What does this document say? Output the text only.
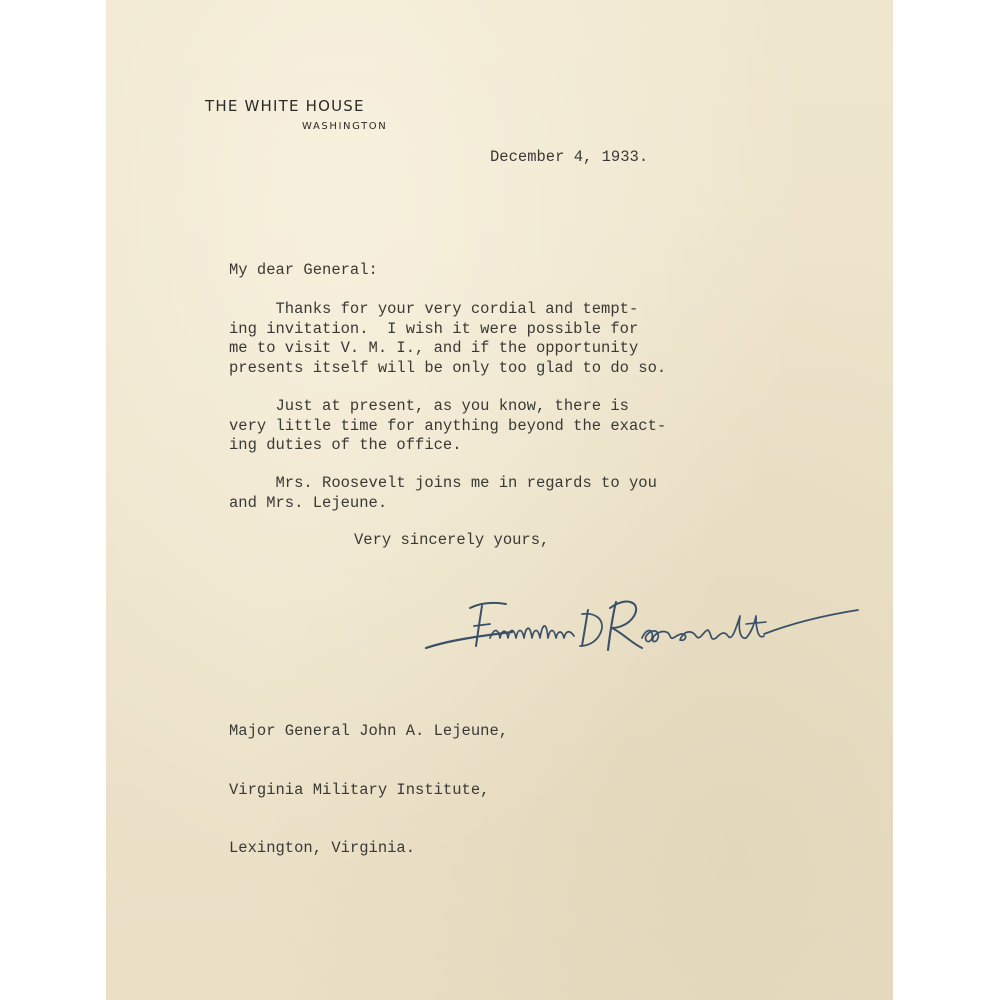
THE WHITE HOUSE
WASHINGTON
December 4, 1933.
My dear General:
Thanks for your very cordial and tempt-
ing invitation.  I wish it were possible for
me to visit V. M. I., and if the opportunity
presents itself will be only too glad to do so.
Just at present, as you know, there is
very little time for anything beyond the exact-
ing duties of the office.
Mrs. Roosevelt joins me in regards to you
and Mrs. Lejeune.
Very sincerely yours,

Major General John A. Lejeune,

Virginia Military Institute,

Lexington, Virginia.
